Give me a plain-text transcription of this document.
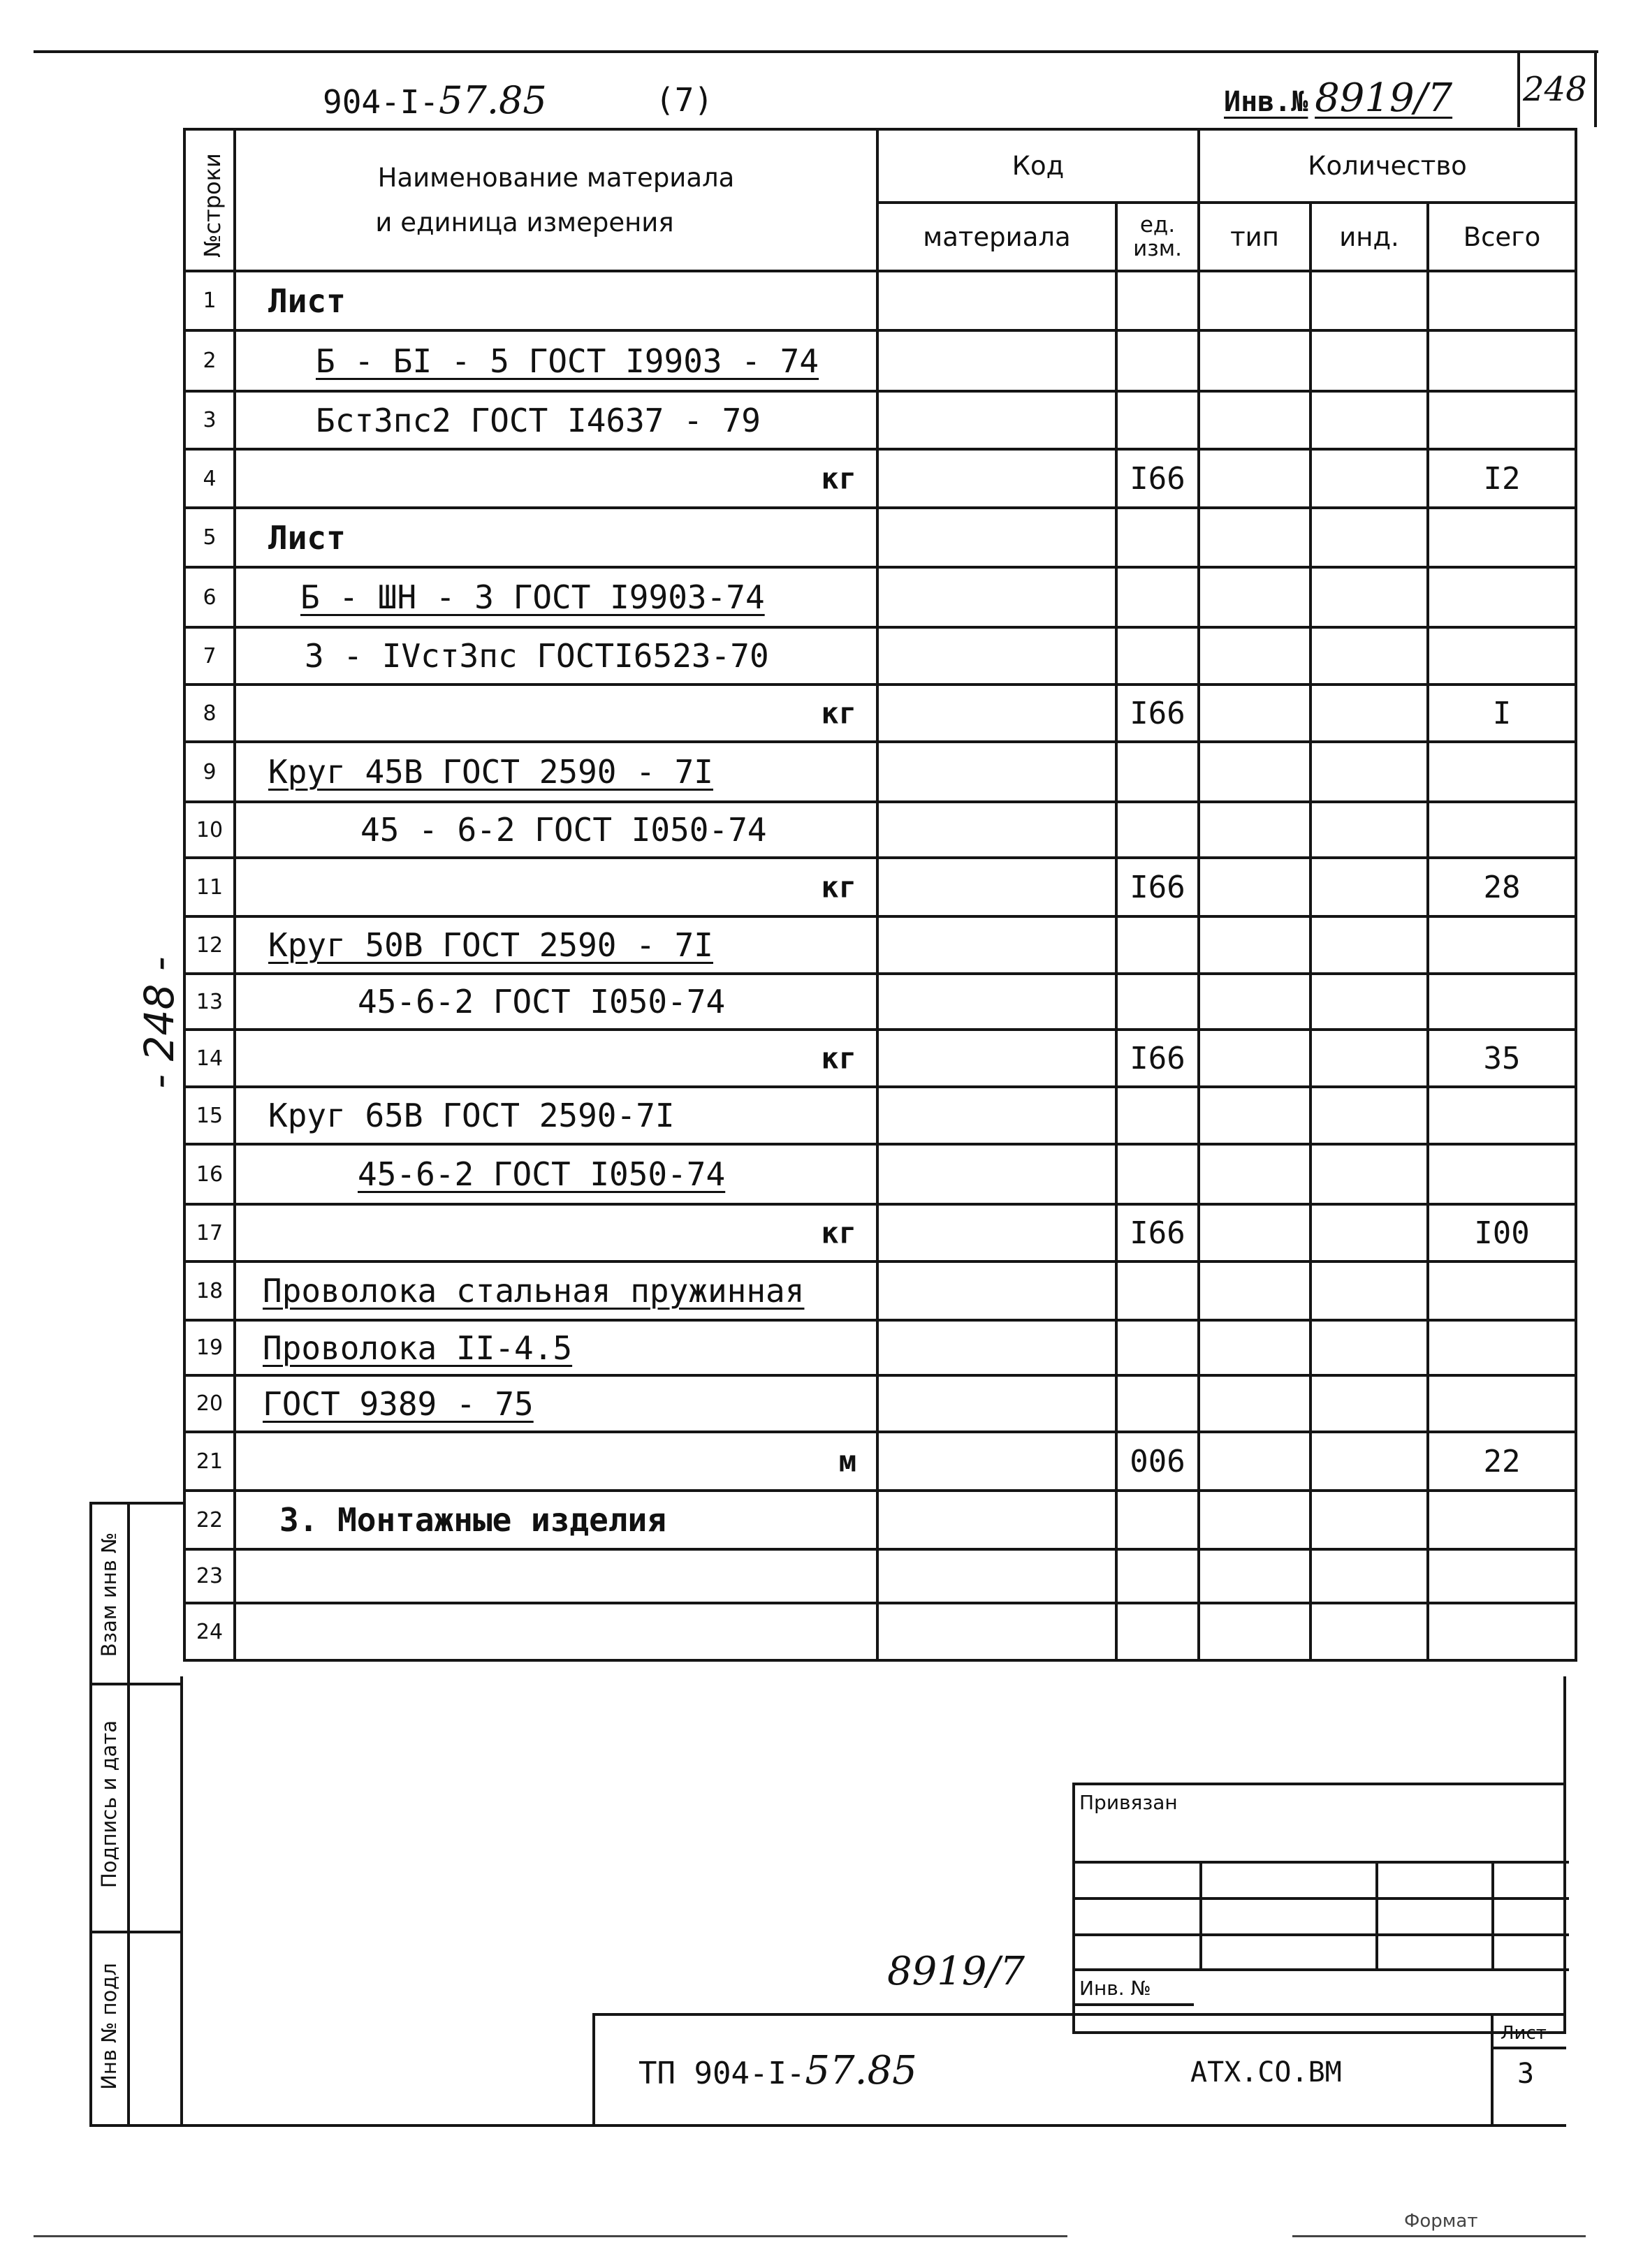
904-I-57.85	(7)	Инв.№ 8919/7 248
№строки	Наименование материала
и единица измерения	Код		Количество		
		материала	ед. изм.	тип	инд.	Всего
1	Лист					

2	Б - БI - 5 ГОСТ I9903 - 74					

3	БстЗпс2 ГОСТ I4637 - 79					

4	кг		I66			I2
5	Лист					

6	Б - ШН - 3 ГОСТ I9903-74					

7	3 - IVстЗпс ГОСТI6523-70					

8	кг		I66			I
9	Круг 45В ГОСТ 2590 - 7I					

10	45 - 6-2 ГОСТ I050-74					

11	кг		I66			28
12	Круг 50В ГОСТ 2590 - 7I					

13	45-6-2 ГОСТ I050-74					

14	кг		I66			35
15	Круг 65В ГОСТ 2590-7I					

16	45-6-2 ГОСТ I050-74					

17	кг		I66			I00
18	Проволока стальная пружинная					

19	Проволока II-4.5					

20	ГОСТ 9389 - 75					

21	м		006			22
22	3. Монтажные изделия					

23	

24	

Взам инв №
Подпись и дата
Инв № подл
- 248 -
Привязан
Инв. №
8919/7
ТП 904-I-57.85	АТХ.СО.ВМ
Лист
3
Формат
